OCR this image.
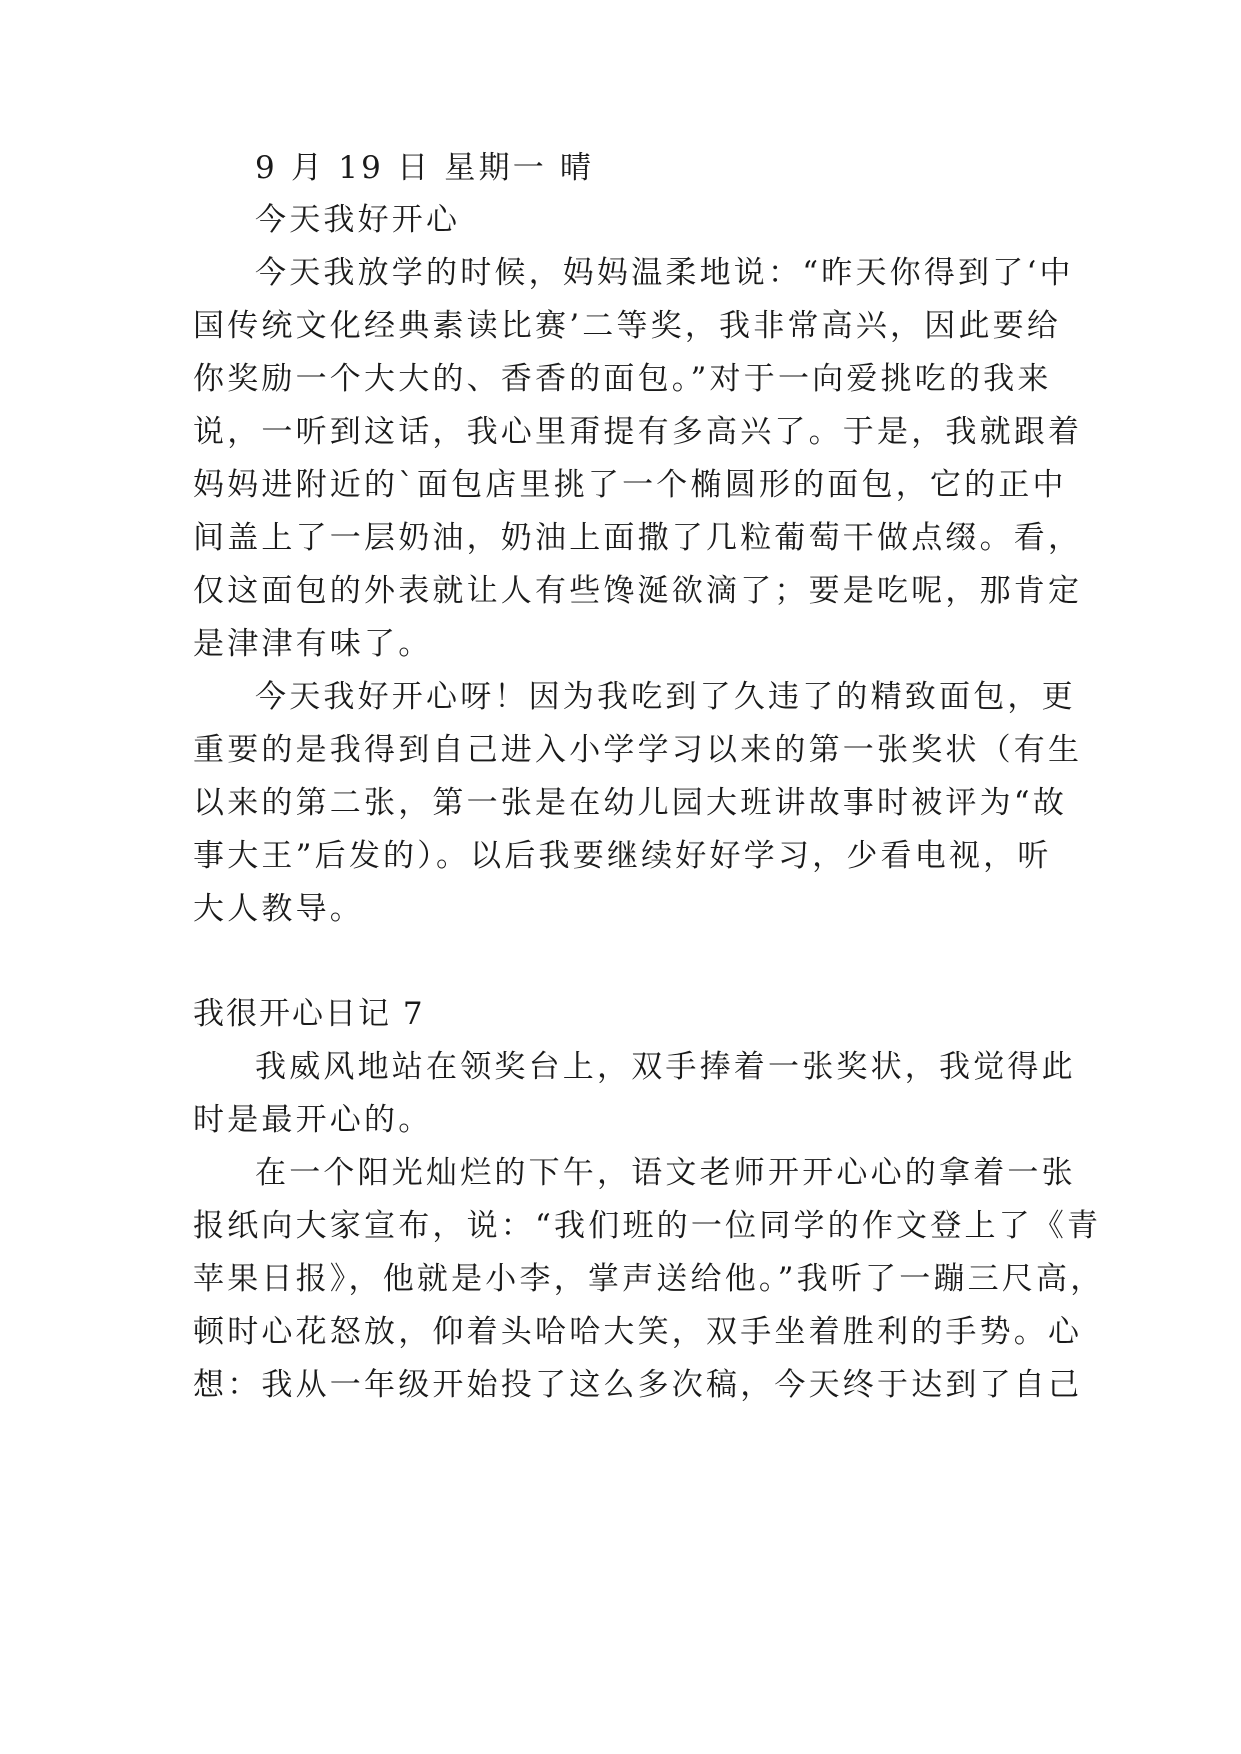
9 月 19 日 星期一 晴
今天我好开心
今天我放学的时候，妈妈温柔地说：“昨天你得到了‘中
国传统文化经典素读比赛’二等奖，我非常高兴，因此要给
你奖励一个大大的、香香的面包。”对于一向爱挑吃的我来
说，一听到这话，我心里甭提有多高兴了。于是，我就跟着
妈妈进附近的`面包店里挑了一个椭圆形的面包，它的正中
间盖上了一层奶油，奶油上面撒了几粒葡萄干做点缀。看，
仅这面包的外表就让人有些馋涎欲滴了；要是吃呢，那肯定
是津津有味了。
今天我好开心呀！因为我吃到了久违了的精致面包，更
重要的是我得到自己进入小学学习以来的第一张奖状（有生
以来的第二张，第一张是在幼儿园大班讲故事时被评为“故
事大王”后发的）。以后我要继续好好学习，少看电视，听
大人教导。
我很开心日记 7
我威风地站在领奖台上，双手捧着一张奖状，我觉得此
时是最开心的。
在一个阳光灿烂的下午，语文老师开开心心的拿着一张
报纸向大家宣布，说：“我们班的一位同学的作文登上了《青
苹果日报》，他就是小李，掌声送给他。”我听了一蹦三尺高，
顿时心花怒放，仰着头哈哈大笑，双手坐着胜利的手势。心
想：我从一年级开始投了这么多次稿，今天终于达到了自己
